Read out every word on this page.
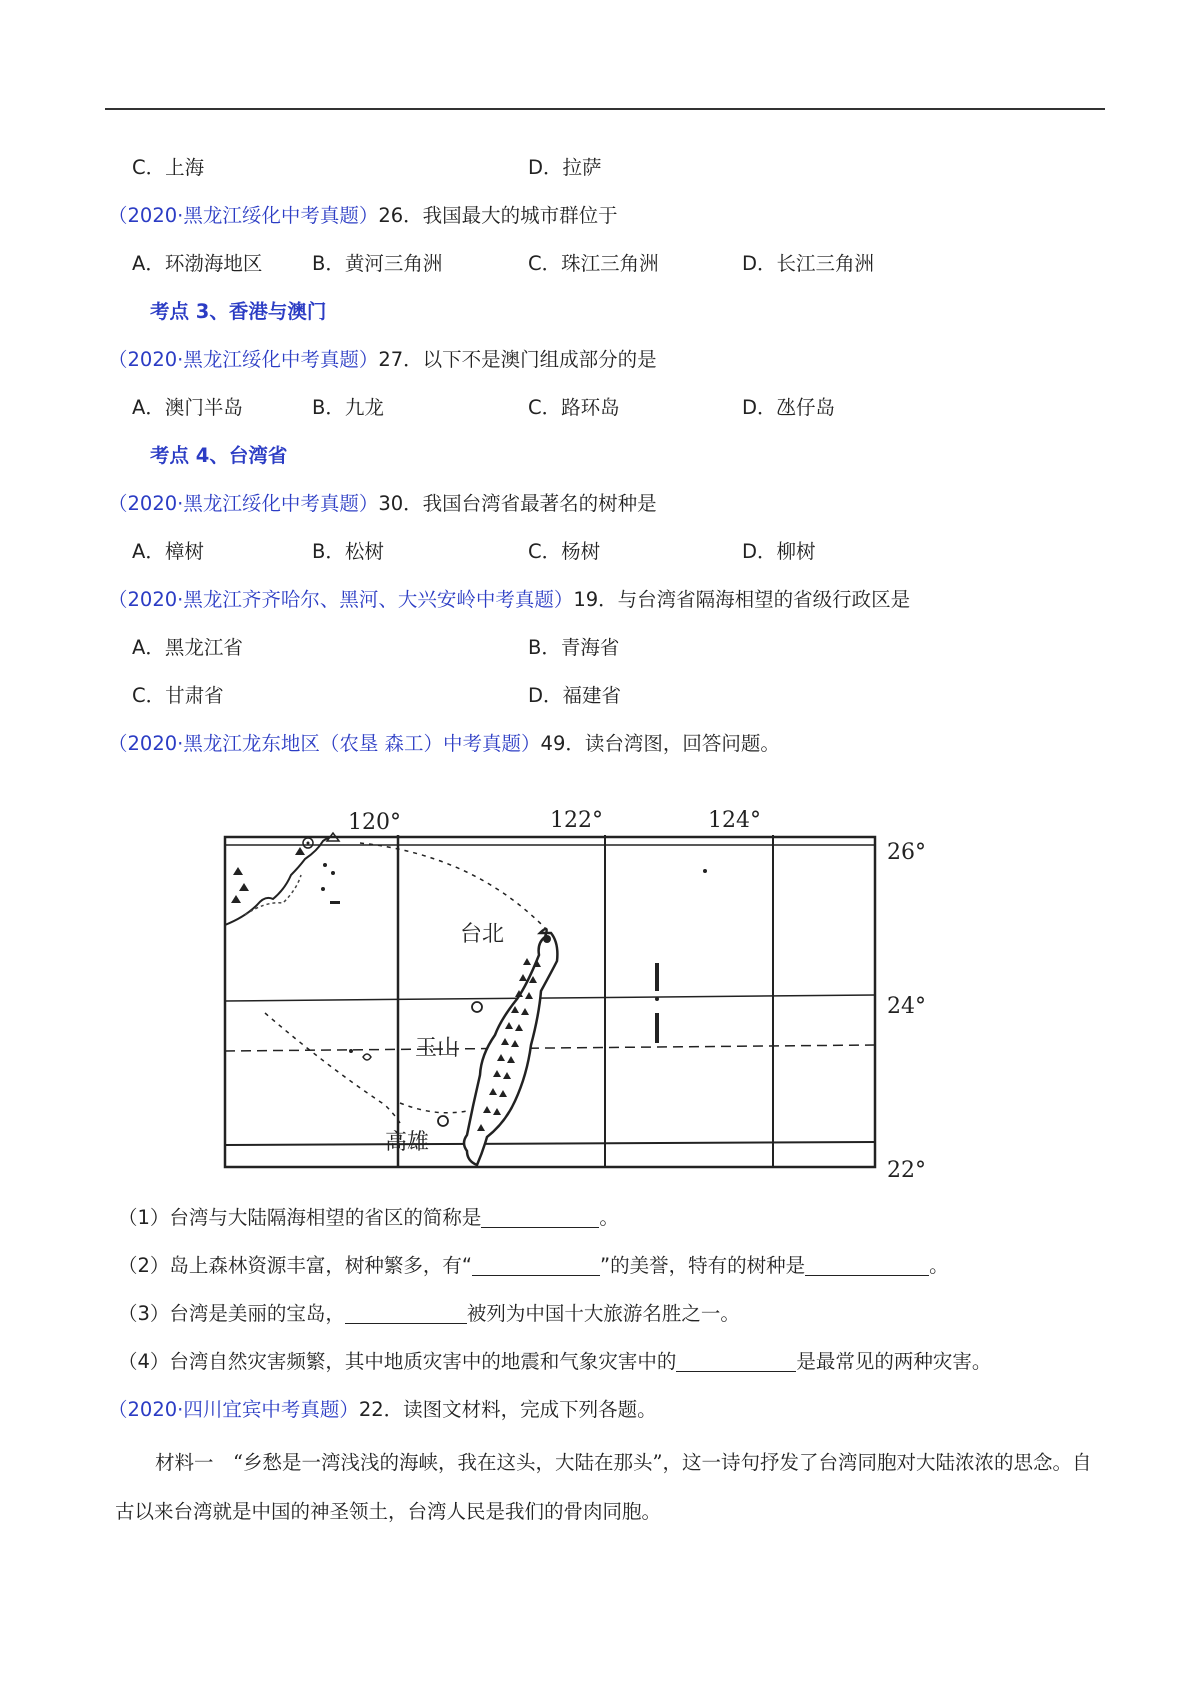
C．上海	D．拉萨
（2020·黑龙江绥化中考真题）26．我国最大的城市群位于
A．环渤海地区	B．黄河三角洲	C．珠江三角洲	D．长江三角洲
考点 3、香港与澳门
（2020·黑龙江绥化中考真题）27．以下不是澳门组成部分的是
A．澳门半岛	B．九龙	C．路环岛	D．氹仔岛
考点 4、台湾省
（2020·黑龙江绥化中考真题）30．我国台湾省最著名的树种是
A．樟树	B．松树	C．杨树	D．柳树
（2020·黑龙江齐齐哈尔、黑河、大兴安岭中考真题）19．与台湾省隔海相望的省级行政区是
A．黑龙江省	B．青海省
C．甘肃省	D．福建省
（2020·黑龙江龙东地区（农垦 森工）中考真题）49．读台湾图，回答问题。
120°	122°	124°
26°
24°
22°
台北
玉山
高雄
（1）台湾与大陆隔海相望的省区的简称是	。
（2）岛上森林资源丰富，树种繁多，有“	”的美誉，特有的树种是	。
（3）台湾是美丽的宝岛，	被列为中国十大旅游名胜之一。
（4）台湾自然灾害频繁，其中地质灾害中的地震和气象灾害中的	是最常见的两种灾害。
（2020·四川宜宾中考真题）22．读图文材料，完成下列各题。
材料一　“乡愁是一湾浅浅的海峡，我在这头，大陆在那头”，这一诗句抒发了台湾同胞对大陆浓浓的思念。自古以来台湾就是中国的神圣领土，台湾人民是我们的骨肉同胞。
